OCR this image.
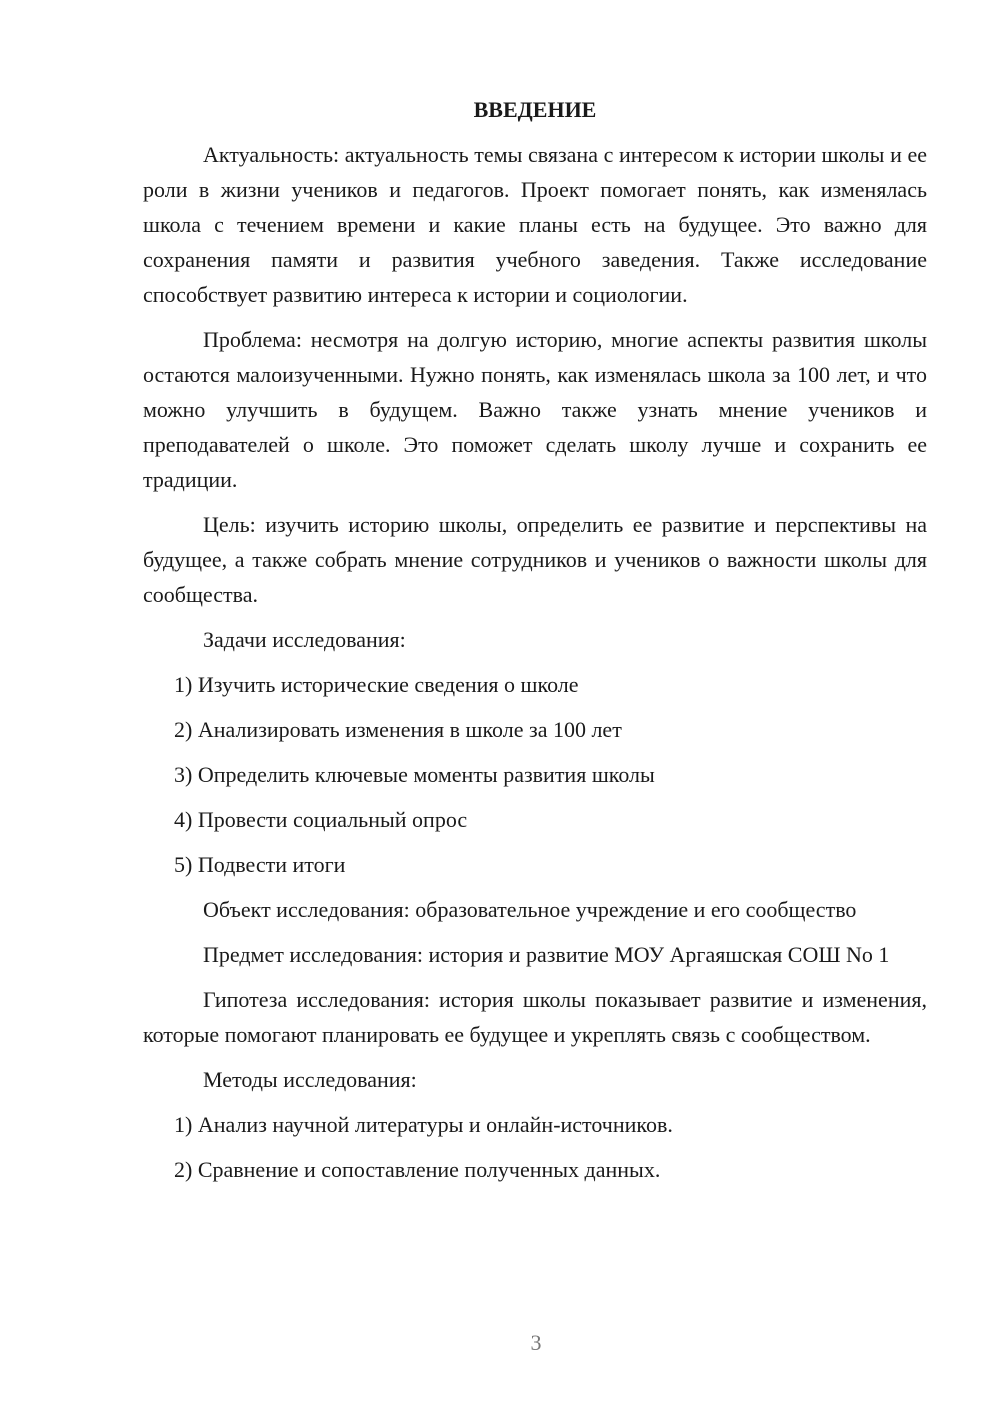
ВВЕДЕНИЕ

Актуальность: актуальность темы связана с интересом к истории школы и ее роли в жизни учеников и педагогов. Проект помогает понять, как изменялась школа с течением времени и какие планы есть на будущее. Это важно для сохранения памяти и развития учебного заведения. Также исследование способствует развитию интереса к истории и социологии.

Проблема: несмотря на долгую историю, многие аспекты развития школы остаются малоизученными. Нужно понять, как изменялась школа за 100 лет, и что можно улучшить в будущем. Важно также узнать мнение учеников и преподавателей о школе. Это поможет сделать школу лучше и сохранить ее традиции.

Цель: изучить историю школы, определить ее развитие и перспективы на будущее, а также собрать мнение сотрудников и учеников о важности школы для сообщества.

Задачи исследования:

1) Изучить исторические сведения о школе
2) Анализировать изменения в школе за 100 лет
3) Определить ключевые моменты развития школы
4) Провести социальный опрос
5) Подвести итоги

Объект исследования: образовательное учреждение и его сообщество

Предмет исследования: история и развитие МОУ Аргаяшская СОШ No 1

Гипотеза исследования: история школы показывает развитие и изменения, которые помогают планировать ее будущее и укреплять связь с сообществом.

Методы исследования:

1) Анализ научной литературы и онлайн-источников.
2) Сравнение и сопоставление полученных данных.
3
